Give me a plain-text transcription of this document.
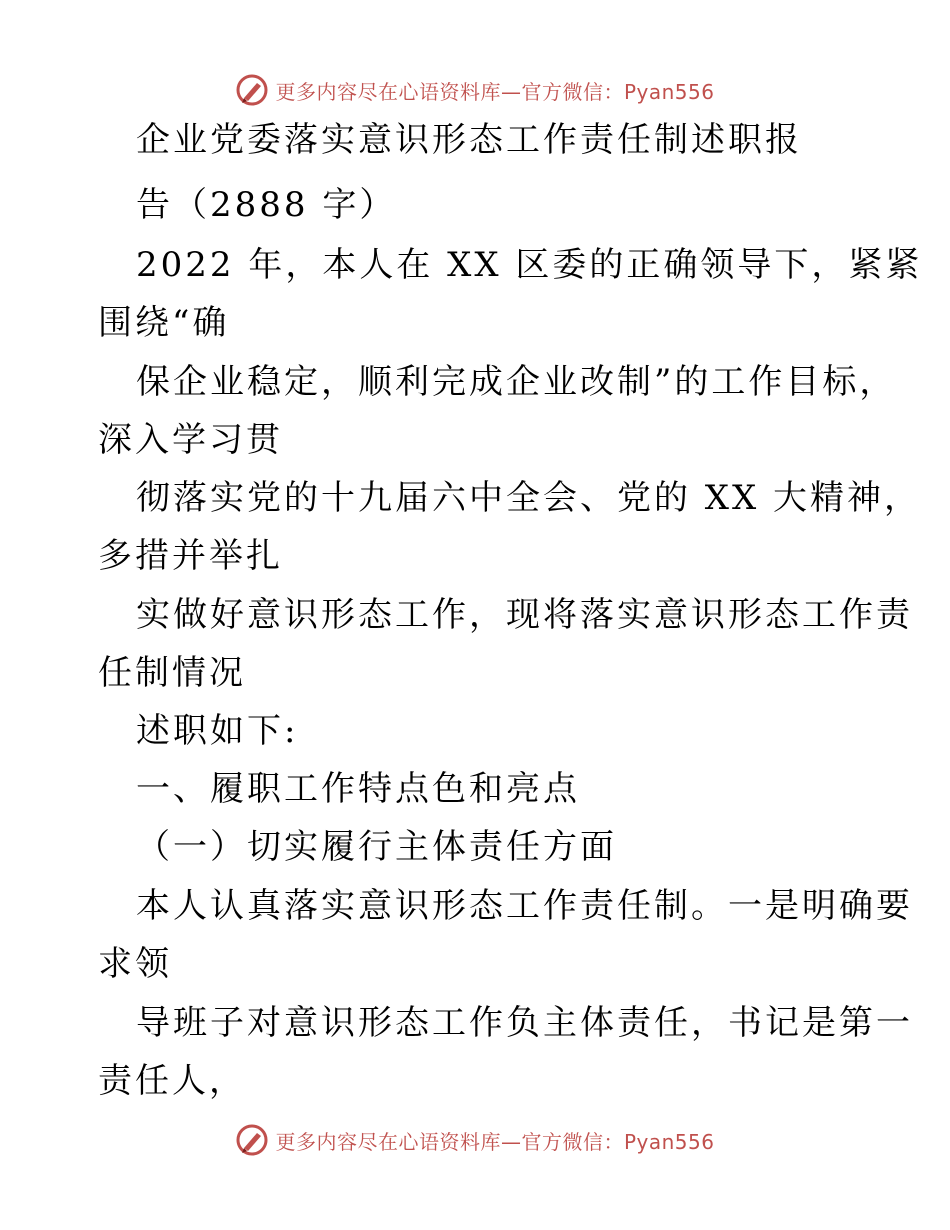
更多内容尽在心语资料库—官方微信：Pyan556
企业党委落实意识形态工作责任制述职报
告（2888 字）
2022 年，本人在 XX 区委的正确领导下，紧紧
围绕“确
保企业稳定，顺利完成企业改制”的工作目标，
深入学习贯
彻落实党的十九届六中全会、党的 XX 大精神，
多措并举扎
实做好意识形态工作，现将落实意识形态工作责
任制情况
述职如下:
一、履职工作特点色和亮点
（一）切实履行主体责任方面
本人认真落实意识形态工作责任制。一是明确要
求领
导班子对意识形态工作负主体责任，书记是第一
责任人，
更多内容尽在心语资料库—官方微信：Pyan556
